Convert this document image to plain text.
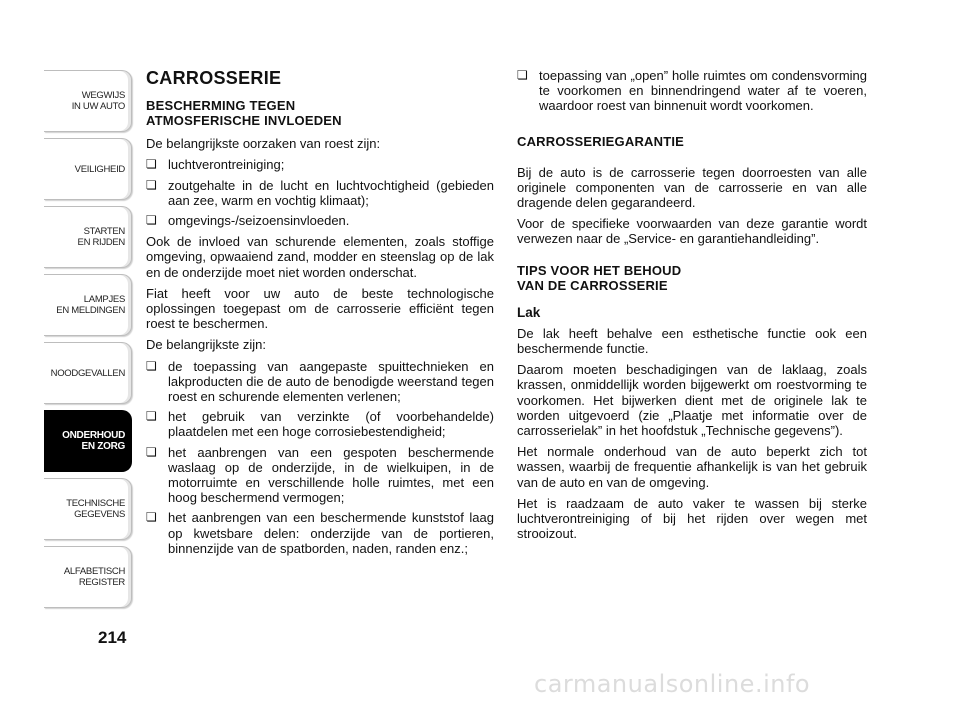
WEGWIJS
IN UW AUTO
VEILIGHEID
STARTEN
EN RIJDEN
LAMPJES
EN MELDINGEN
NOODGEVALLEN
ONDERHOUD
EN ZORG
TECHNISCHE
GEGEVENS
ALFABETISCH
REGISTER
214
CARROSSERIE
BESCHERMING TEGEN
ATMOSFERISCHE INVLOEDEN

De belangrijkste oorzaken van roest zijn:

❏ luchtverontreiniging;
❏ zoutgehalte in de lucht en luchtvochtigheid (gebieden aan zee, warm en vochtig klimaat);
❏ omgevings-/seizoensinvloeden.

Ook de invloed van schurende elementen, zoals stoffige omgeving, opwaaiend zand, modder en steenslag op de lak en de onderzijde moet niet worden onderschat.

Fiat heeft voor uw auto de beste technologische oplossingen toegepast om de carrosserie efficiënt tegen roest te beschermen.

De belangrijkste zijn:

❏ de toepassing van aangepaste spuittechnieken en lakproducten die de auto de benodigde weerstand tegen roest en schurende elementen verlenen;
❏ het gebruik van verzinkte (of voorbehandelde) plaatdelen met een hoge corrosiebestendigheid;
❏ het aanbrengen van een gespoten beschermende waslaag op de onderzijde, in de wielkuipen, in de motorruimte en verschillende holle ruimtes, met een hoog beschermend vermogen;
❏ het aanbrengen van een beschermende kunststof laag op kwetsbare delen: onderzijde van de portieren, binnenzijde van de spatborden, naden, randen enz.;
❏ toepassing van „open” holle ruimtes om condensvorming te voorkomen en binnendringend water af te voeren, waardoor roest van binnenuit wordt voorkomen.
CARROSSERIEGARANTIE

Bij de auto is de carrosserie tegen doorroesten van alle originele componenten van de carrosserie en van alle dragende delen gegarandeerd.

Voor de specifieke voorwaarden van deze garantie wordt verwezen naar de „Service- en garantiehandleiding”.

TIPS VOOR HET BEHOUD
VAN DE CARROSSERIE
Lak

De lak heeft behalve een esthetische functie ook een beschermende functie.

Daarom moeten beschadigingen van de laklaag, zoals krassen, onmiddellijk worden bijgewerkt om roestvorming te voorkomen. Het bijwerken dient met de originele lak te worden uitgevoerd (zie „Plaatje met informatie over de carrosserielak” in het hoofdstuk „Technische gegevens”).

Het normale onderhoud van de auto beperkt zich tot wassen, waarbij de frequentie afhankelijk is van het gebruik van de auto en van de omgeving.

Het is raadzaam de auto vaker te wassen bij sterke luchtverontreiniging of bij het rijden over wegen met strooizout.

carmanualsonline.info
